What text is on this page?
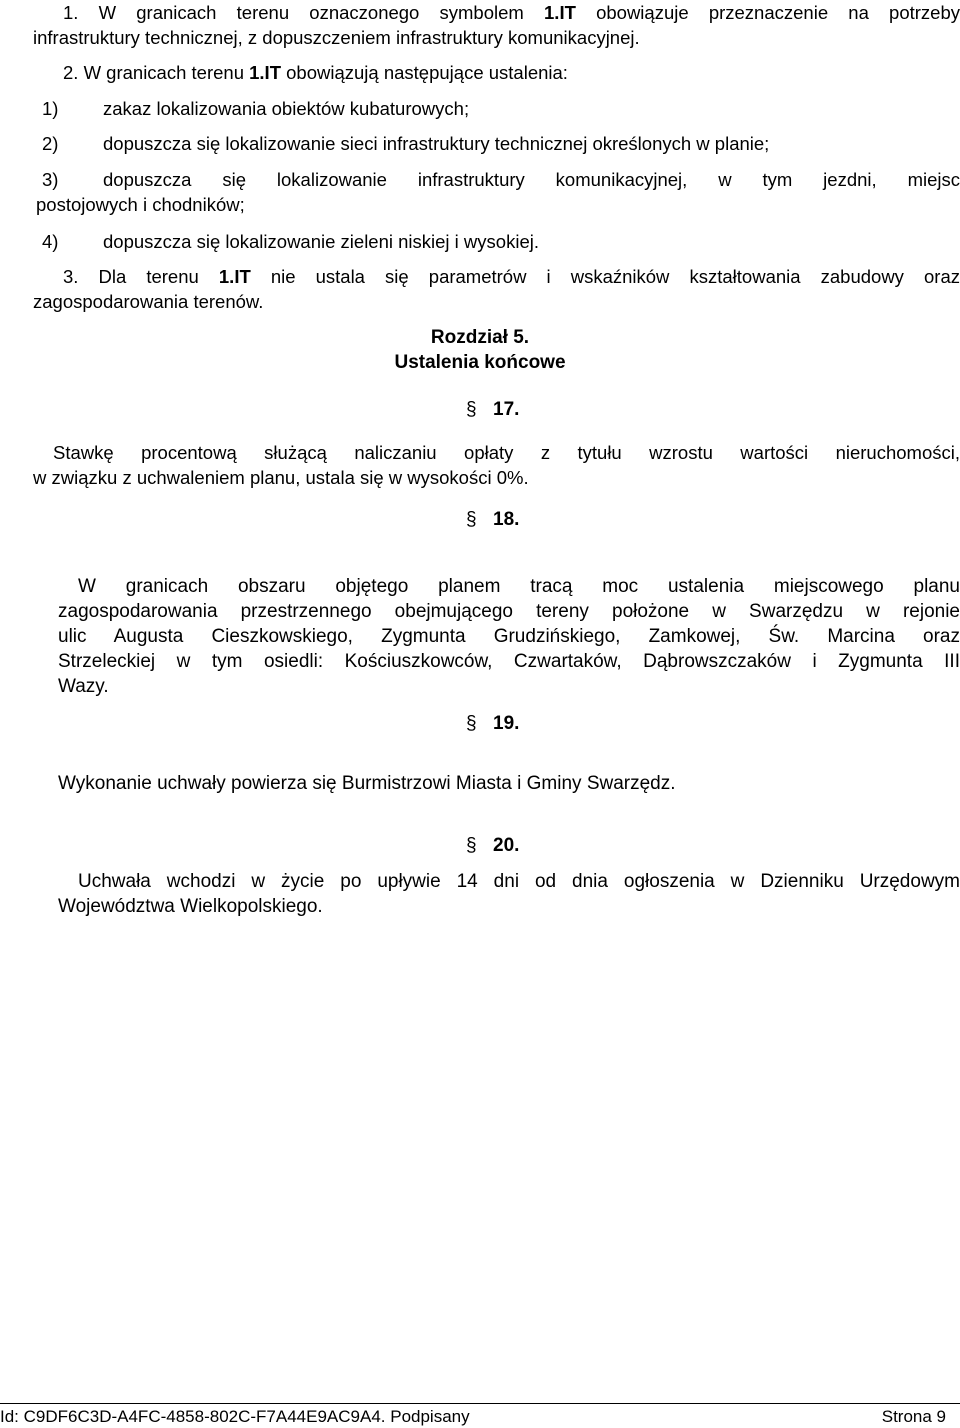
1. W granicach terenu oznaczonego symbolem 1.IT obowiązuje przeznaczenie na potrzeby

infrastruktury technicznej, z dopuszczeniem infrastruktury komunikacyjnej.

2. W granicach terenu 1.IT obowiązują następujące ustalenia:

1) zakaz lokalizowania obiektów kubaturowych;

2) dopuszcza się lokalizowanie sieci infrastruktury technicznej określonych w planie;

3) dopuszcza się lokalizowanie infrastruktury komunikacyjnej, w tym jezdni, miejsc

postojowych i chodników;

4) dopuszcza się lokalizowanie zieleni niskiej i wysokiej.

3. Dla terenu 1.IT nie ustala się parametrów i wskaźników kształtowania zabudowy oraz

zagospodarowania terenów.

Rozdział 5.

Ustalenia końcowe

§ 17.

Stawkę procentową służącą naliczaniu opłaty z tytułu wzrostu wartości nieruchomości,

w związku z uchwaleniem planu, ustala się w wysokości 0%.

§ 18.

W granicach obszaru objętego planem tracą moc ustalenia miejscowego planu

zagospodarowania przestrzennego obejmującego tereny położone w Swarzędzu w rejonie

ulic Augusta Cieszkowskiego, Zygmunta Grudzińskiego, Zamkowej, Św. Marcina oraz

Strzeleckiej w tym osiedli: Kościuszkowców, Czwartaków, Dąbrowszczaków i Zygmunta III

Wazy.

§ 19.

Wykonanie uchwały powierza się Burmistrzowi Miasta i Gminy Swarzędz.

§ 20.

Uchwała wchodzi w życie po upływie 14 dni od dnia ogłoszenia w Dzienniku Urzędowym

Województwa Wielkopolskiego.

Id: C9DF6C3D-A4FC-4858-802C-F7A44E9AC9A4. Podpisany	Strona 9
